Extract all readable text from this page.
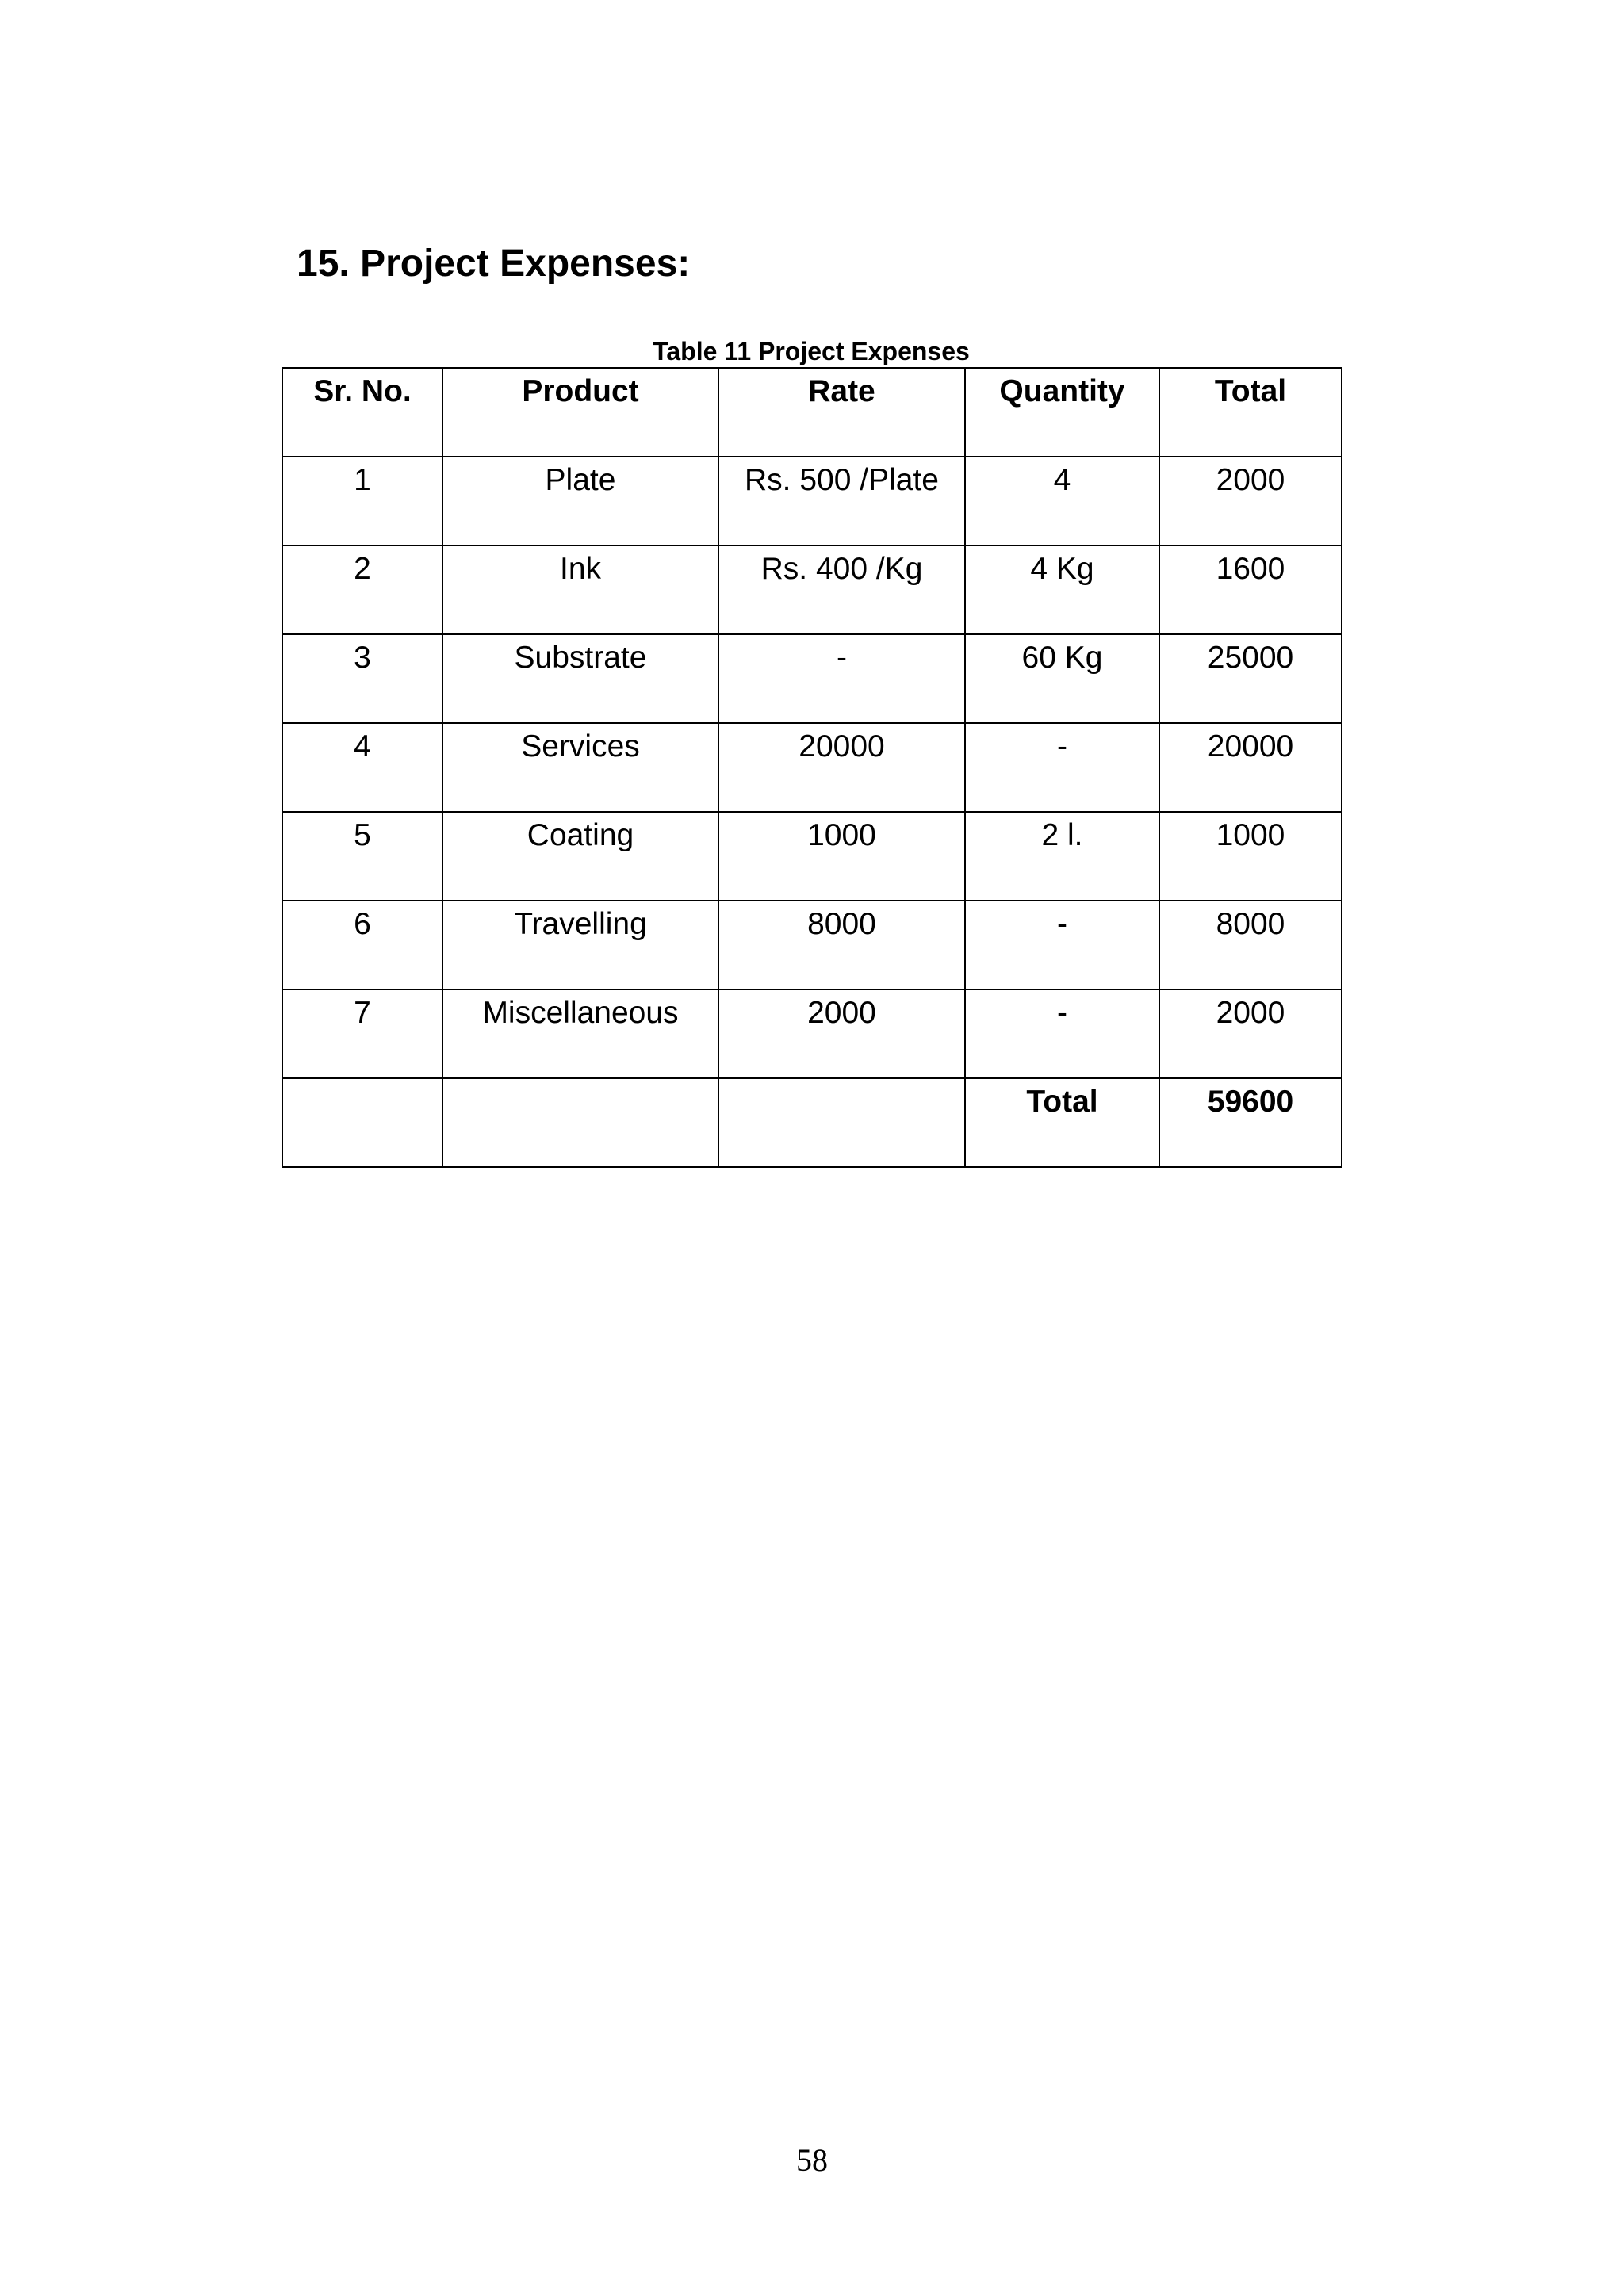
15. Project Expenses:
Table 11 Project Expenses
Sr. No.	Product	Rate	Quantity	Total
1	Plate	Rs. 500 /Plate	4	2000
2	Ink	Rs. 400 /Kg	4 Kg	1600
3	Substrate	-	60 Kg	25000
4	Services	20000	-	20000
5	Coating	1000	2 l.	1000
6	Travelling	8000	-	8000
7	Miscellaneous	2000	-	2000
			Total	59600
58
